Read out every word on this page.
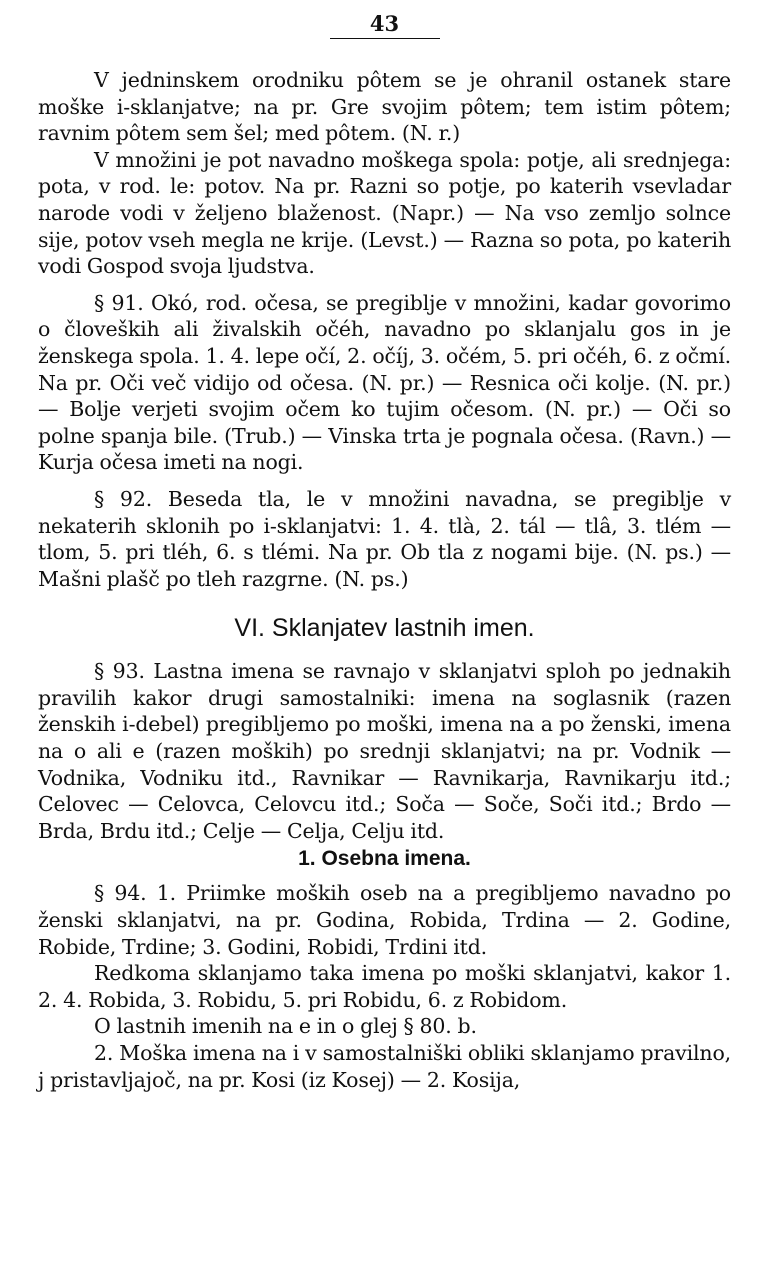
43

V jedninskem orodniku pôtem se je ohranil ostanek stare moške i-sklanjatve; na pr. Gre svojim pôtem; tem istim pôtem; ravnim pôtem sem šel; med pôtem. (N. r.)

V množini je pot navadno moškega spola: potje, ali srednjega: pota, v rod. le: potov. Na pr. Razni so potje, po katerih vsevladar narode vodi v željeno blaženost. (Napr.) — Na vso zemljo solnce sije, potov vseh megla ne krije. (Levst.) — Razna so pota, po katerih vodi Gospod svoja ljudstva.

§ 91. Okó, rod. očesa, se pregiblje v množini, kadar govorimo o človeških ali živalskih očéh, navadno po sklanjalu gos in je ženskega spola. 1. 4. lepe očí, 2. očíj, 3. očém, 5. pri očéh, 6. z očmí. Na pr. Oči več vidijo od očesa. (N. pr.) — Resnica oči kolje. (N. pr.) — Bolje verjeti svojim očem ko tujim očesom. (N. pr.) — Oči so polne spanja bile. (Trub.) — Vinska trta je pognala očesa. (Ravn.) — Kurja očesa imeti na nogi.

§ 92. Beseda tla, le v množini navadna, se pregiblje v nekaterih sklonih po i-sklanjatvi: 1. 4. tlà, 2. tál — tlâ, 3. tlém — tlom, 5. pri tléh, 6. s tlémi. Na pr. Ob tla z nogami bije. (N. ps.) — Mašni plašč po tleh razgrne. (N. ps.)

VI. Sklanjatev lastnih imen.

§ 93. Lastna imena se ravnajo v sklanjatvi sploh po jednakih pravilih kakor drugi samostalniki: imena na soglasnik (razen ženskih i-debel) pregibljemo po moški, imena na a po ženski, imena na o ali e (razen moških) po srednji sklanjatvi; na pr. Vodnik — Vodnika, Vodniku itd., Ravnikar — Ravnikarja, Ravnikarju itd.; Celovec — Celovca, Celovcu itd.; Soča — Soče, Soči itd.; Brdo — Brda, Brdu itd.; Celje — Celja, Celju itd.

1. Osebna imena.

§ 94. 1. Priimke moških oseb na a pregibljemo navadno po ženski sklanjatvi, na pr. Godina, Robida, Trdina — 2. Godine, Robide, Trdine; 3. Godini, Robidi, Trdini itd.

Redkoma sklanjamo taka imena po moški sklanjatvi, kakor 1. 2. 4. Robida, 3. Robidu, 5. pri Robidu, 6. z Robidom.

O lastnih imenih na e in o glej § 80. b.

2. Moška imena na i v samostalniški obliki sklanjamo pravilno, j pristavljajoč, na pr. Kosi (iz Kosej) — 2. Kosija,
